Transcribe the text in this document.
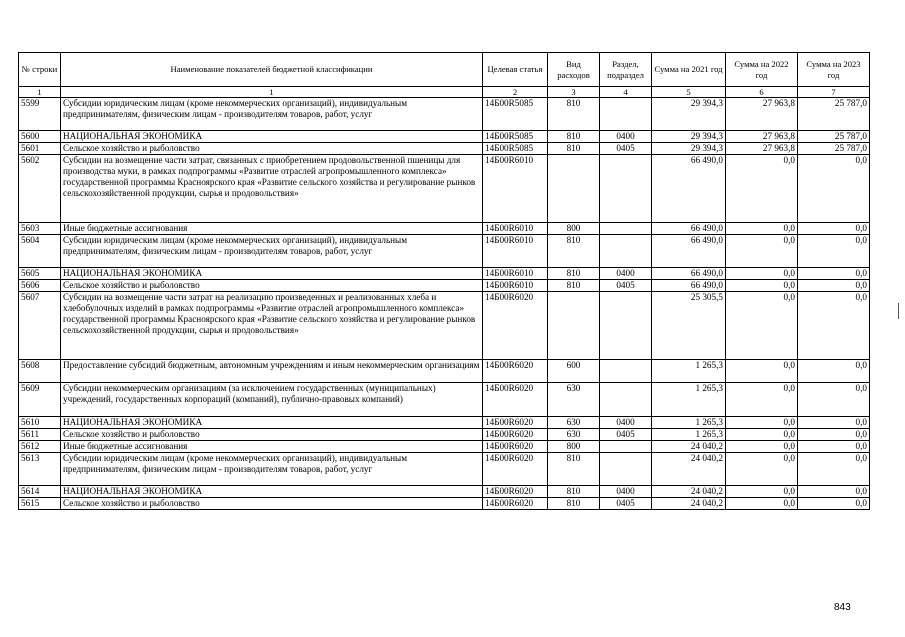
№ строки	Наименование показателей бюджетной классификации	Целевая статья	Вид расходов	Раздел, подраздел	Сумма на 2021 год	Сумма на 2022 год	Сумма на 2023 год
1	1	2	3	4	5	6	7
5599	Субсидии юридическим лицам (кроме некоммерческих организаций), индивидуальным предпринимателям, физическим лицам - производителям товаров, работ, услуг	14Б00R5085	810		29 394,3	27 963,8	25 787,0
5600	НАЦИОНАЛЬНАЯ ЭКОНОМИКА	14Б00R5085	810	0400	29 394,3	27 963,8	25 787,0
5601	Сельское хозяйство и рыболовство	14Б00R5085	810	0405	29 394,3	27 963,8	25 787,0
5602	Субсидии на возмещение части затрат, связанных с приобретением продовольственной пшеницы для производства муки, в рамках подпрограммы «Развитие отраслей агропромышленного комплекса» государственной программы Красноярского края «Развитие сельского хозяйства и регулирование рынков сельскохозяйственной продукции, сырья и продовольствия»	14Б00R6010			66 490,0	0,0	0,0
5603	Иные бюджетные ассигнования	14Б00R6010	800		66 490,0	0,0	0,0
5604	Субсидии юридическим лицам (кроме некоммерческих организаций), индивидуальным предпринимателям, физическим лицам - производителям товаров, работ, услуг	14Б00R6010	810		66 490,0	0,0	0,0
5605	НАЦИОНАЛЬНАЯ ЭКОНОМИКА	14Б00R6010	810	0400	66 490,0	0,0	0,0
5606	Сельское хозяйство и рыболовство	14Б00R6010	810	0405	66 490,0	0,0	0,0
5607	Субсидии на возмещение части затрат на реализацию произведенных и реализованных хлеба и хлебобулочных изделий в рамках подпрограммы «Развитие отраслей агропромышленного комплекса» государственной программы Красноярского края «Развитие сельского хозяйства и регулирование рынков сельскохозяйственной продукции, сырья и продовольствия»	14Б00R6020			25 305,5	0,0	0,0
5608	Предоставление субсидий бюджетным, автономным учреждениям и иным некоммерческим организациям	14Б00R6020	600		1 265,3	0,0	0,0
5609	Субсидии некоммерческим организациям (за исключением государственных (муниципальных) учреждений, государственных корпораций (компаний), публично-правовых компаний)	14Б00R6020	630		1 265,3	0,0	0,0
5610	НАЦИОНАЛЬНАЯ ЭКОНОМИКА	14Б00R6020	630	0400	1 265,3	0,0	0,0
5611	Сельское хозяйство и рыболовство	14Б00R6020	630	0405	1 265,3	0,0	0,0
5612	Иные бюджетные ассигнования	14Б00R6020	800		24 040,2	0,0	0,0
5613	Субсидии юридическим лицам (кроме некоммерческих организаций), индивидуальным предпринимателям, физическим лицам - производителям товаров, работ, услуг	14Б00R6020	810		24 040,2	0,0	0,0
5614	НАЦИОНАЛЬНАЯ ЭКОНОМИКА	14Б00R6020	810	0400	24 040,2	0,0	0,0
5615	Сельское хозяйство и рыболовство	14Б00R6020	810	0405	24 040,2	0,0	0,0
843
